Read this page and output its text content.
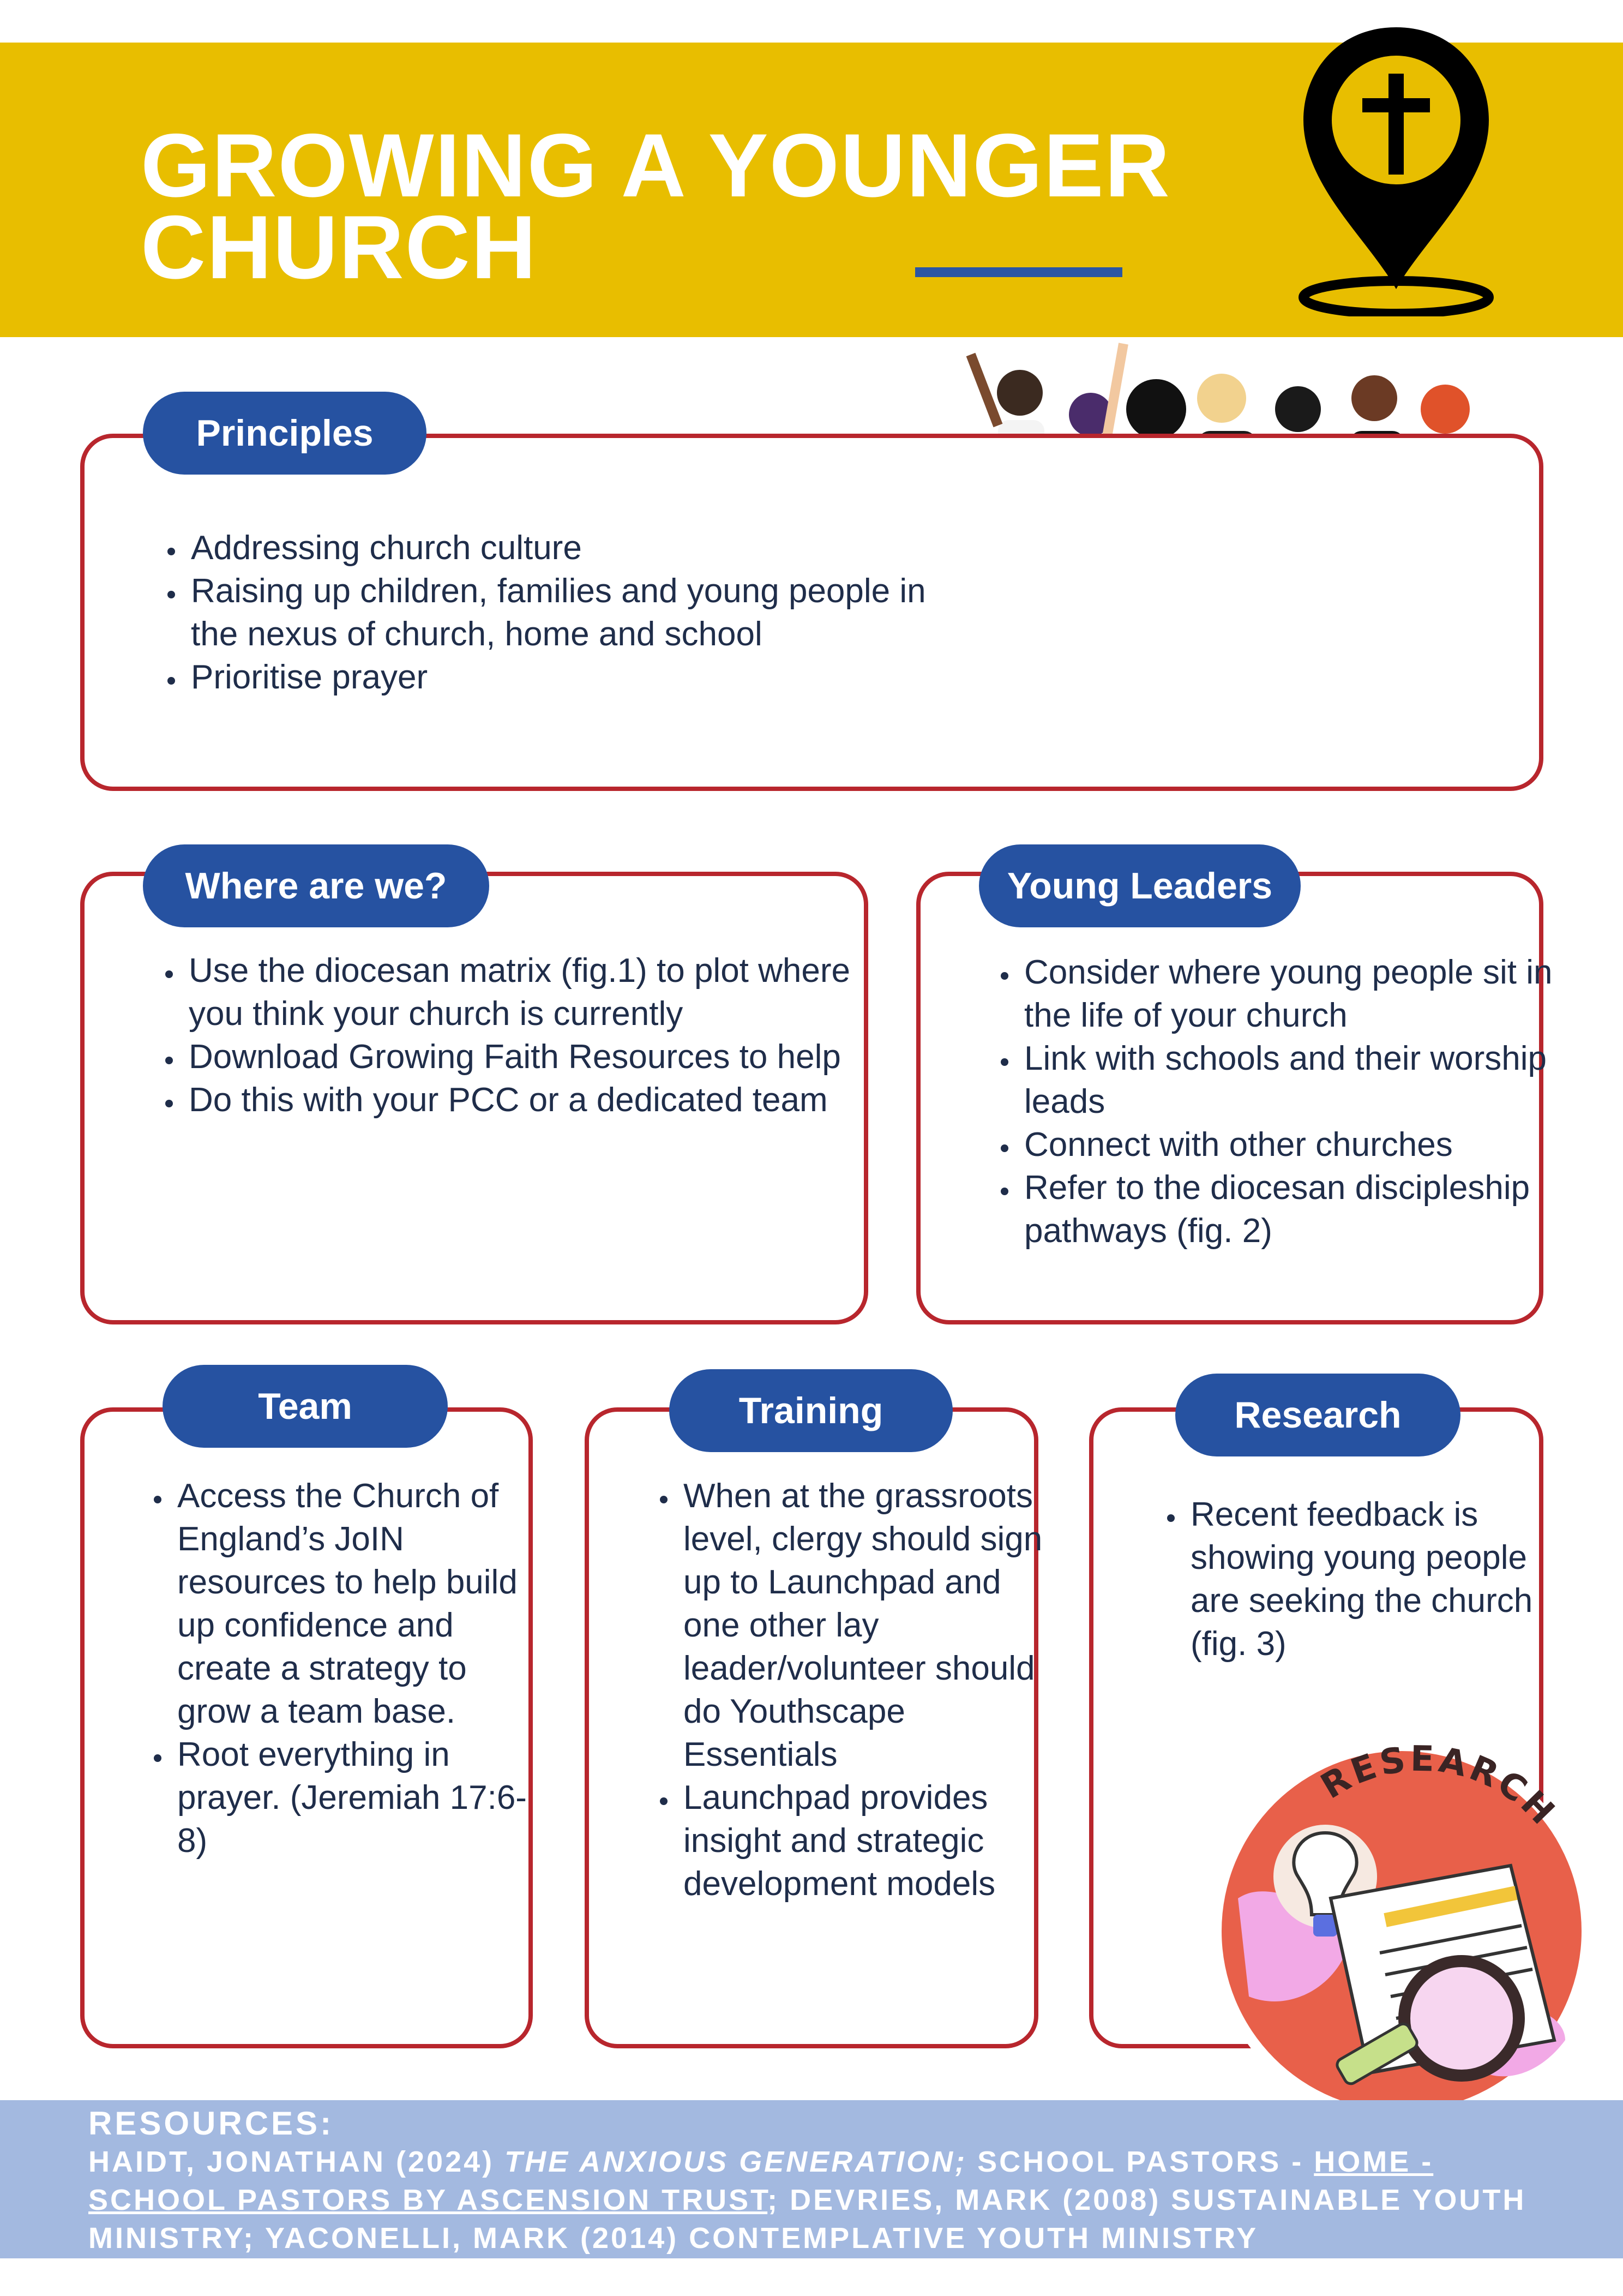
GROWING A YOUNGER
CHURCH
Principles
• Addressing church culture
• Raising up children, families and young people in the nexus of church, home and school
• Prioritise prayer
Where are we?
• Use the diocesan matrix (fig.1) to plot where you think your church is currently
• Download Growing Faith Resources to help
• Do this with your PCC or a dedicated team
Young Leaders
• Consider where young people sit in the life of your church
• Link with schools and their worship leads
• Connect with other churches
• Refer to the diocesan discipleship pathways (fig. 2)
Team
• Access the Church of England’s JoIN resources to help build up confidence and create a strategy to grow a team base.
• Root everything in prayer. (Jeremiah 17:6-8)
Training
• When at the grassroots level, clergy should sign up to Launchpad and one other lay leader/volunteer should do Youthscape Essentials
• Launchpad provides insight and strategic development models
Research
• Recent feedback is showing young people are seeking the church (fig. 3)
RESEARCH
RESOURCES:
HAIDT, JONATHAN (2024) THE ANXIOUS GENERATION; SCHOOL PASTORS - HOME - SCHOOL PASTORS BY ASCENSION TRUST; DEVRIES, MARK (2008) SUSTAINABLE YOUTH MINISTRY; YACONELLI, MARK (2014) CONTEMPLATIVE YOUTH MINISTRY
